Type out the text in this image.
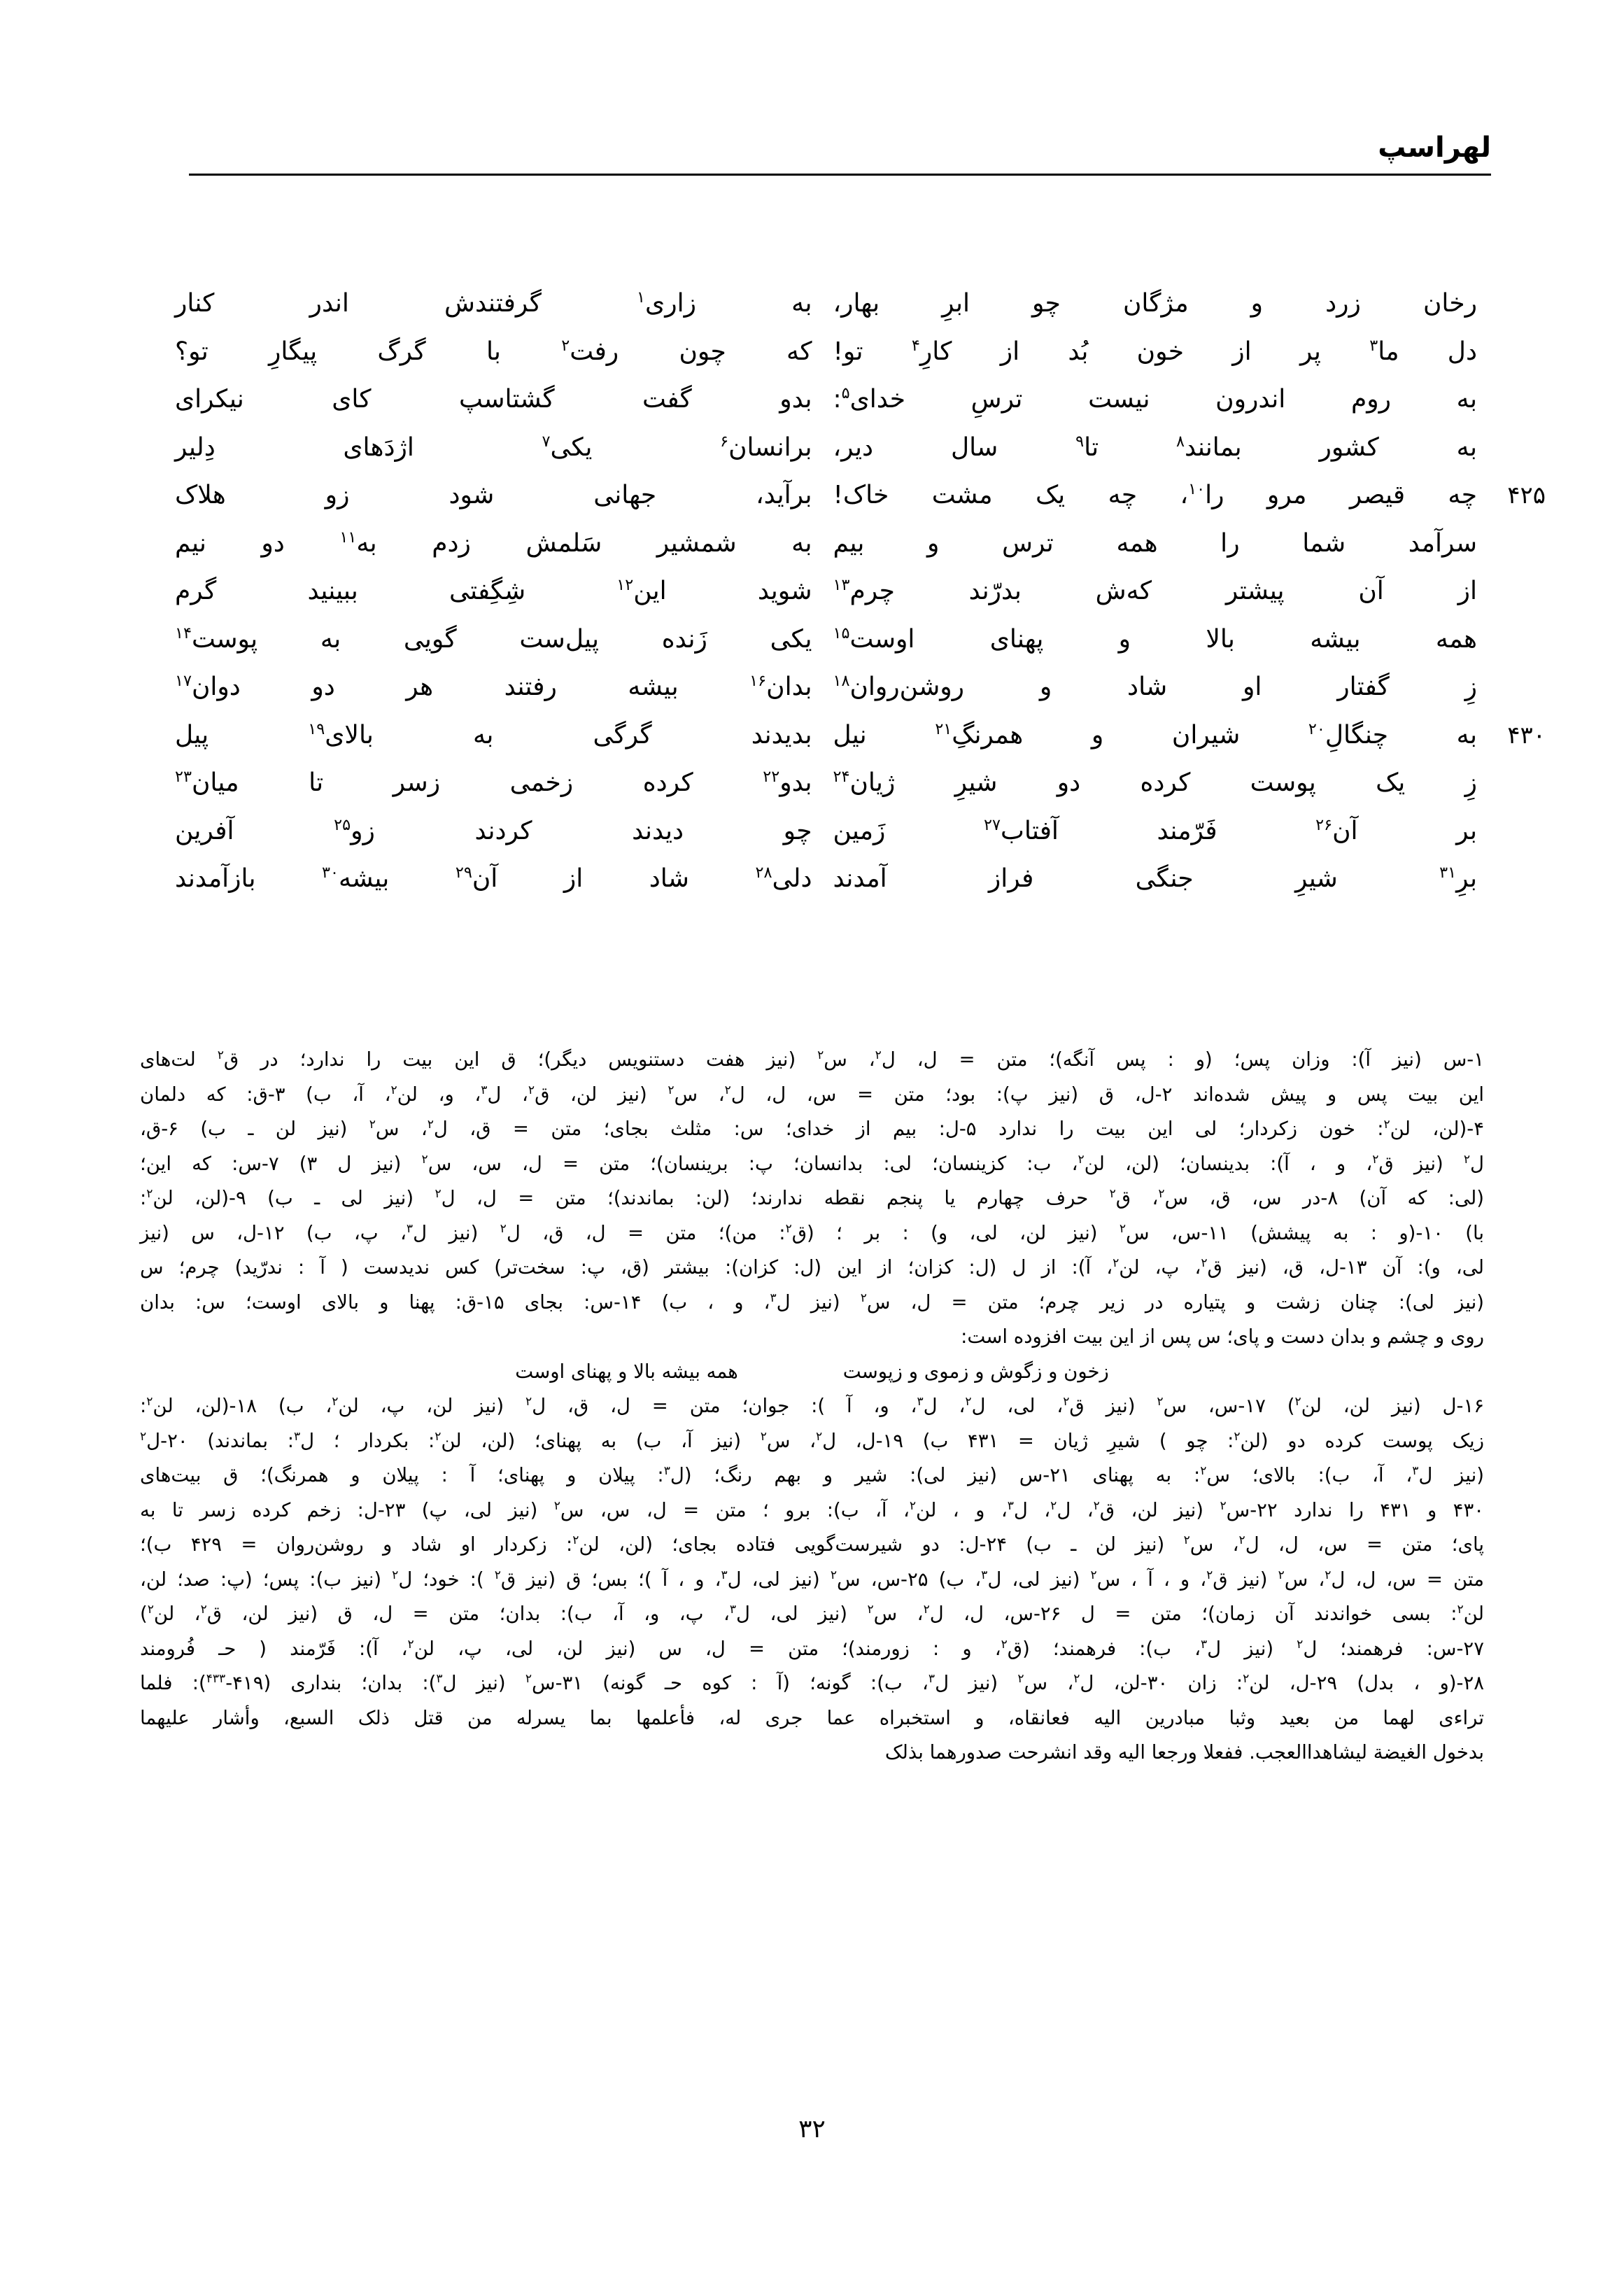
لهراسپ
رخان زرد و مژگان چو ابرِ بهار،
به زاری$^۱$ گرفتندش اندر کنار
دل ما$^۳$ پر از خون بُد از کارِ$^۴$ تو!
که چون رفت$^۲$ با گرگ پیگارِ تو؟
به روم اندرون نیست ترسِ خدای$^۵$:
بدو گفت گشتاسپ کای نیکرای
به کشور بمانند$^۸$ تا$^۹$ سال دیر،
برانسان$^۶$ یکی$^۷$ اژدَهای دِلیر
چه قیصر مرو را$^{۱۰}$، چه یک مشت خاک!
برآید، جهانی شود زو هلاک	۴۲۵
سرآمد شما را همه ترس و بیم
به شمشیر سَلمش زدم به$^{۱۱}$ دو نیم
از آن پیشتر که‌ش بدرّند چرم$^{۱۳}$
شوید این$^{۱۲}$ شِگِفتی ببینید گرم
همه بیشه بالا و پهنای اوست$^{۱۵}$
یکی زَنده پیل‌ست گویی به پوست$^{۱۴}$
زِ گفتار او شاد و روشن‌روان$^{۱۸}$
بدان$^{۱۶}$ بیشه رفتند هر دو دوان$^{۱۷}$
به چنگالِ$^{۲۰}$ شیران و همرنگِ$^{۲۱}$ نیل
بدیدند گرگی به بالای$^{۱۹}$ پیل	۴۳۰
زِ یک پوست کرده دو شیرِ ژیان$^{۲۴}$
بدو$^{۲۲}$ کرده زخمی زسر تا میان$^{۲۳}$
بر آن$^{۲۶}$ فَرّمند آفتاب$^{۲۷}$ زَمین
چو دیدند کردند زو$^{۲۵}$ آفرین
برِ$^{۳۱}$ شیرِ جنگی فراز آمدند
دلی$^{۲۸}$ شاد از آن$^{۲۹}$ بیشه$^{۳۰}$ بازآمدند
۱-س (نیز آ): وزان پس؛ (و : پس آنگه)؛ متن = ل، ل$^۲$، س$^۲$ (نیز هفت دستنویس دیگر)؛ ق این بیت را ندارد؛ در ق$^۲$ لت‌های
این بیت پس و پیش شده‌اند ۲-ل، ق (نیز پ): بود؛ متن = س، ل، ل$^۲$، س$^۲$ (نیز لن، ق$^۲$، ل$^۳$، و، لن$^۲$، آ، ب) ۳-ق: که دلمان
۴-(لن، لن$^۲$: خون زکردار؛ لی این بیت را ندارد ۵-ل: بیم از خدای؛ س: مثلث بجای؛ متن = ق، ل$^۲$، س$^۲$ (نیز لن ـ ب) ۶-ق،
ل$^۲$ (نیز ق$^۲$، و ، آ): بدینسان؛ (لن، لن$^۲$، ب: کزینسان؛ لی: بدانسان؛ پ: برینسان)؛ متن = ل، س، س$^۲$ (نیز ل ۳) ۷-س: که این؛
(لی: که آن) ۸-در س، ق، س$^۲$، ق$^۲$ حرف چهارم یا پنجم نقطه ندارند؛ (لن: بماندند)؛ متن = ل، ل$^۲$ (نیز لی ـ ب) ۹-(لن، لن$^۲$:
با) ۱۰-(و : به پیشش) ۱۱-س، س$^۲$ (نیز لن، لی، و) : بر ؛ (ق$^۲$: من)؛ متن = ل، ق، ل$^۲$ (نیز ل$^۳$، پ، ب) ۱۲-ل، س (نیز
لی، و): آن ۱۳-ل، ق، (نیز ق$^۲$، پ، لن$^۲$، آ): از ل (ل: کزان؛ از این (ل: کزان): بیشتر (ق، پ: سخت‌تر) کس ندیدست ( آ : ندرّید) چرم؛ س
(نیز لی): چنان زشت و پتیاره در زیر چرم؛ متن = ل، س$^۲$ (نیز ل$^۳$، و ، ب) ۱۴-س: بجای ۱۵-ق: پهنا و بالای اوست؛ س: بدان
روی و چشم و بدان دست و پای؛ س پس از این بیت افزوده است:
زخون و زگوش و زموی و زپوست
همه بیشه بالا و پهنای اوست
۱۶-ل (نیز لن، لن$^۲$) ۱۷-س، س$^۲$ (نیز ق$^۲$، لی، ل$^۲$، ل$^۳$، و، آ ): جوان؛ متن = ل، ق، ل$^۲$ (نیز لن، پ، لن$^۲$، ب) ۱۸-(لن، لن$^۲$:
زیک پوست کرده دو (لن$^۲$: چو ) شیرِ ژیان = ۴۳۱ ب) ۱۹-ل، ل$^۲$، س$^۲$ (نیز آ، ب) به پهنای؛ (لن، لن$^۲$: بکردار ؛ ل$^۳$: بماندند) ۲۰-ل$^۲$
(نیز ل$^۳$، آ، ب): بالای؛ س$^۲$: به پهنای ۲۱-س (نیز لی): شیر و بهم رنگ؛ (ل$^۳$: پیلان و پهنای؛ آ : پیلان و همرنگ)؛ ق بیت‌های
۴۳۰ و ۴۳۱ را ندارد ۲۲-س$^۲$ (نیز لن، ق$^۲$، ل$^۲$، ل$^۳$، و ، لن$^۲$، آ، ب): برو ؛ متن = ل، س، س$^۲$ (نیز لی، پ) ۲۳-ل: زخم کرده زسر تا به
پای؛ متن = س، ل، ل$^۲$، س$^۲$ (نیز لن ـ ب) ۲۴-ل: دو شیرست‌گویی فتاده بجای؛ (لن، لن$^۲$: زکردار او شاد و روشن‌روان = ۴۲۹ ب)؛
متن = س، ل، ل$^۲$، س$^۲$ (نیز ق$^۲$، و ، آ ، س$^۲$ (نیز لی، ل$^۳$، ب) ۲۵-س، س$^۲$ (نیز لی، ل$^۳$، و ، آ )؛ بس؛ ق (نیز ق$^۲$ ): خود؛ ل$^۲$ (نیز ب): پس؛ (پ: صد؛ لن،
لن$^۲$: بسی خواندند آن زمان)؛ متن = ل ۲۶-س، ل، ل$^۲$، س$^۲$ (نیز لی، ل$^۳$، پ، و، آ، ب): بدان؛ متن = ل، ق (نیز لن، ق$^۲$، لن$^۲$)
۲۷-س: فرهمند؛ ل$^۲$ (نیز ل$^۳$، ب): فرهمند؛ (ق$^۲$، و : زورمند)؛ متن = ل، س (نیز لن، لی، پ، لن$^۲$، آ): فَرّمند ( حـ فُرومند
۲۸-(و ، بدل) ۲۹-ل، لن$^۲$: زان ۳۰-لن، ل$^۲$، س$^۲$ (نیز ل$^۳$، ب): گونه؛ (آ : کوه حـ گونه) ۳۱-س$^۲$ (نیز ل$^۳$): بدان؛ بنداری (۴۱۹-$^{۴۳۳}$): فلما
تراءى لهما من بعید وثبا مبادرین الیه فعانقاه، و استخبراه عما جری له، فأعلمها بما یسرله من قتل ذلک السبع، وأشار علیهما
بدخول الغیضة لیشاهدا‌العجب. ففعلا ورجعا الیه وقد انشرحت صدورهما بذلک
۳۲
